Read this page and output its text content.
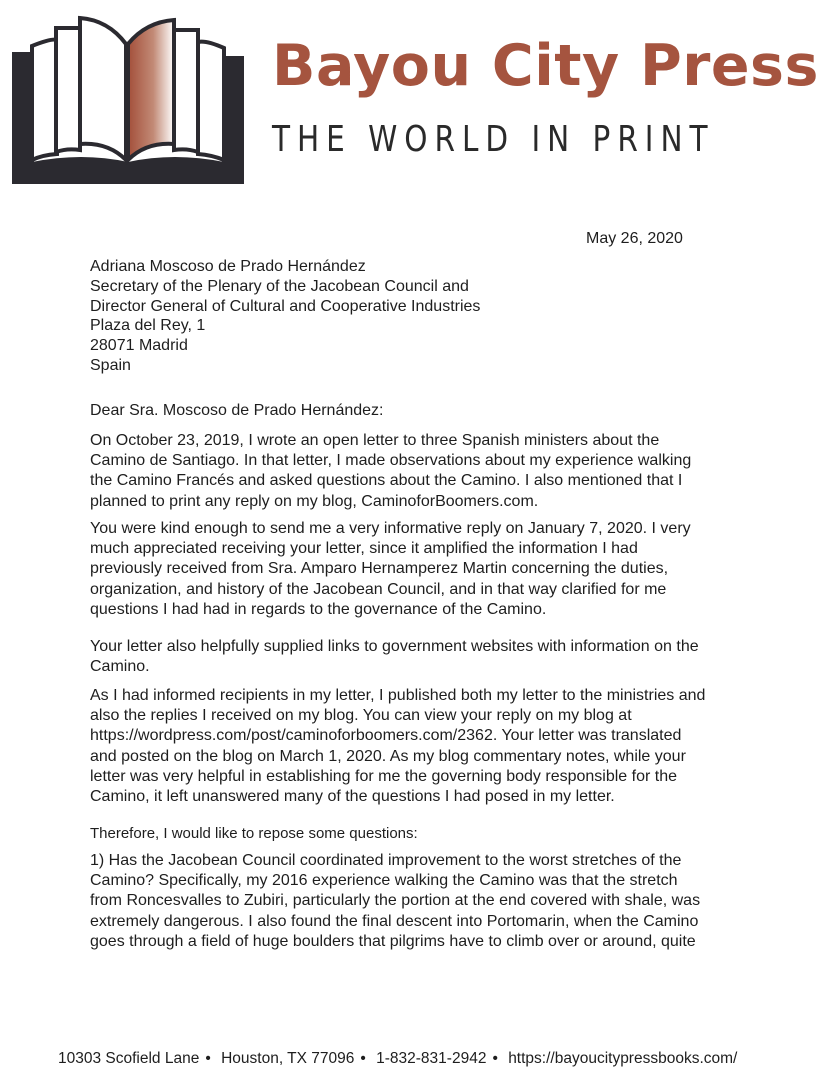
Bayou City Press
THE WORLD IN PRINT
May 26, 2020
Adriana Moscoso de Prado Hernández
Secretary of the Plenary of the Jacobean Council and
Director General of Cultural and Cooperative Industries
Plaza del Rey, 1
28071 Madrid
Spain
Dear Sra. Moscoso de Prado Hernández:
On October 23, 2019, I wrote an open letter to three Spanish ministers about the
Camino de Santiago. In that letter, I made observations about my experience walking
the Camino Francés and asked questions about the Camino. I also mentioned that I
planned to print any reply on my blog, CaminoforBoomers.com.
You were kind enough to send me a very informative reply on January 7, 2020. I very
much appreciated receiving your letter, since it amplified the information I had
previously received from Sra. Amparo Hernamperez Martin concerning the duties,
organization, and history of the Jacobean Council, and in that way clarified for me
questions I had had in regards to the governance of the Camino.
Your letter also helpfully supplied links to government websites with information on the
Camino.
As I had informed recipients in my letter, I published both my letter to the ministries and
also the replies I received on my blog. You can view your reply on my blog at
https://wordpress.com/post/caminoforboomers.com/2362. Your letter was translated
and posted on the blog on March 1, 2020. As my blog commentary notes, while your
letter was very helpful in establishing for me the governing body responsible for the
Camino, it left unanswered many of the questions I had posed in my letter.
Therefore, I would like to repose some questions:
1) Has the Jacobean Council coordinated improvement to the worst stretches of the
Camino? Specifically, my 2016 experience walking the Camino was that the stretch
from Roncesvalles to Zubiri, particularly the portion at the end covered with shale, was
extremely dangerous. I also found the final descent into Portomarin, when the Camino
goes through a field of huge boulders that pilgrims have to climb over or around, quite
10303 Scofield Lane • Houston, TX 77096 • 1-832-831-2942 • https://bayoucitypressbooks.com/
